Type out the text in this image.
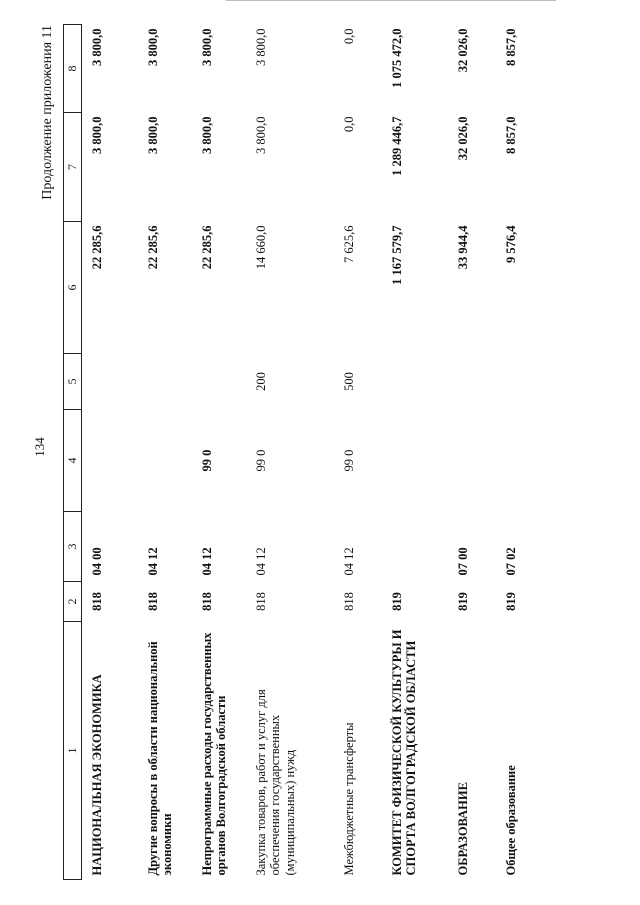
134
Продолжение приложения 11
1	2	3	4	5	6	7	8
НАЦИОНАЛЬНАЯ ЭКОНОМИКА	818	04 00			22 285,6	3 800,0	3 800,0
Другие вопросы в области национальной экономики	818	04 12			22 285,6	3 800,0	3 800,0
Непрограммные расходы государственных органов Волгоградской области	818	04 12	99 0		22 285,6	3 800,0	3 800,0
Закупка товаров, работ и услуг для обеспечения государственных (муниципальных) нужд	818	04 12	99 0	200	14 660,0	3 800,0	3 800,0
Межбюджетные трансферты	818	04 12	99 0	500	7 625,6	0,0	0,0
КОМИТЕТ ФИЗИЧЕСКОЙ КУЛЬТУРЫ И СПОРТА ВОЛГОГРАДСКОЙ ОБЛАСТИ	819				1 167 579,7	1 289 446,7	1 075 472,0
ОБРАЗОВАНИЕ	819	07 00			33 944,4	32 026,0	32 026,0
Общее образование	819	07 02			9 576,4	8 857,0	8 857,0
